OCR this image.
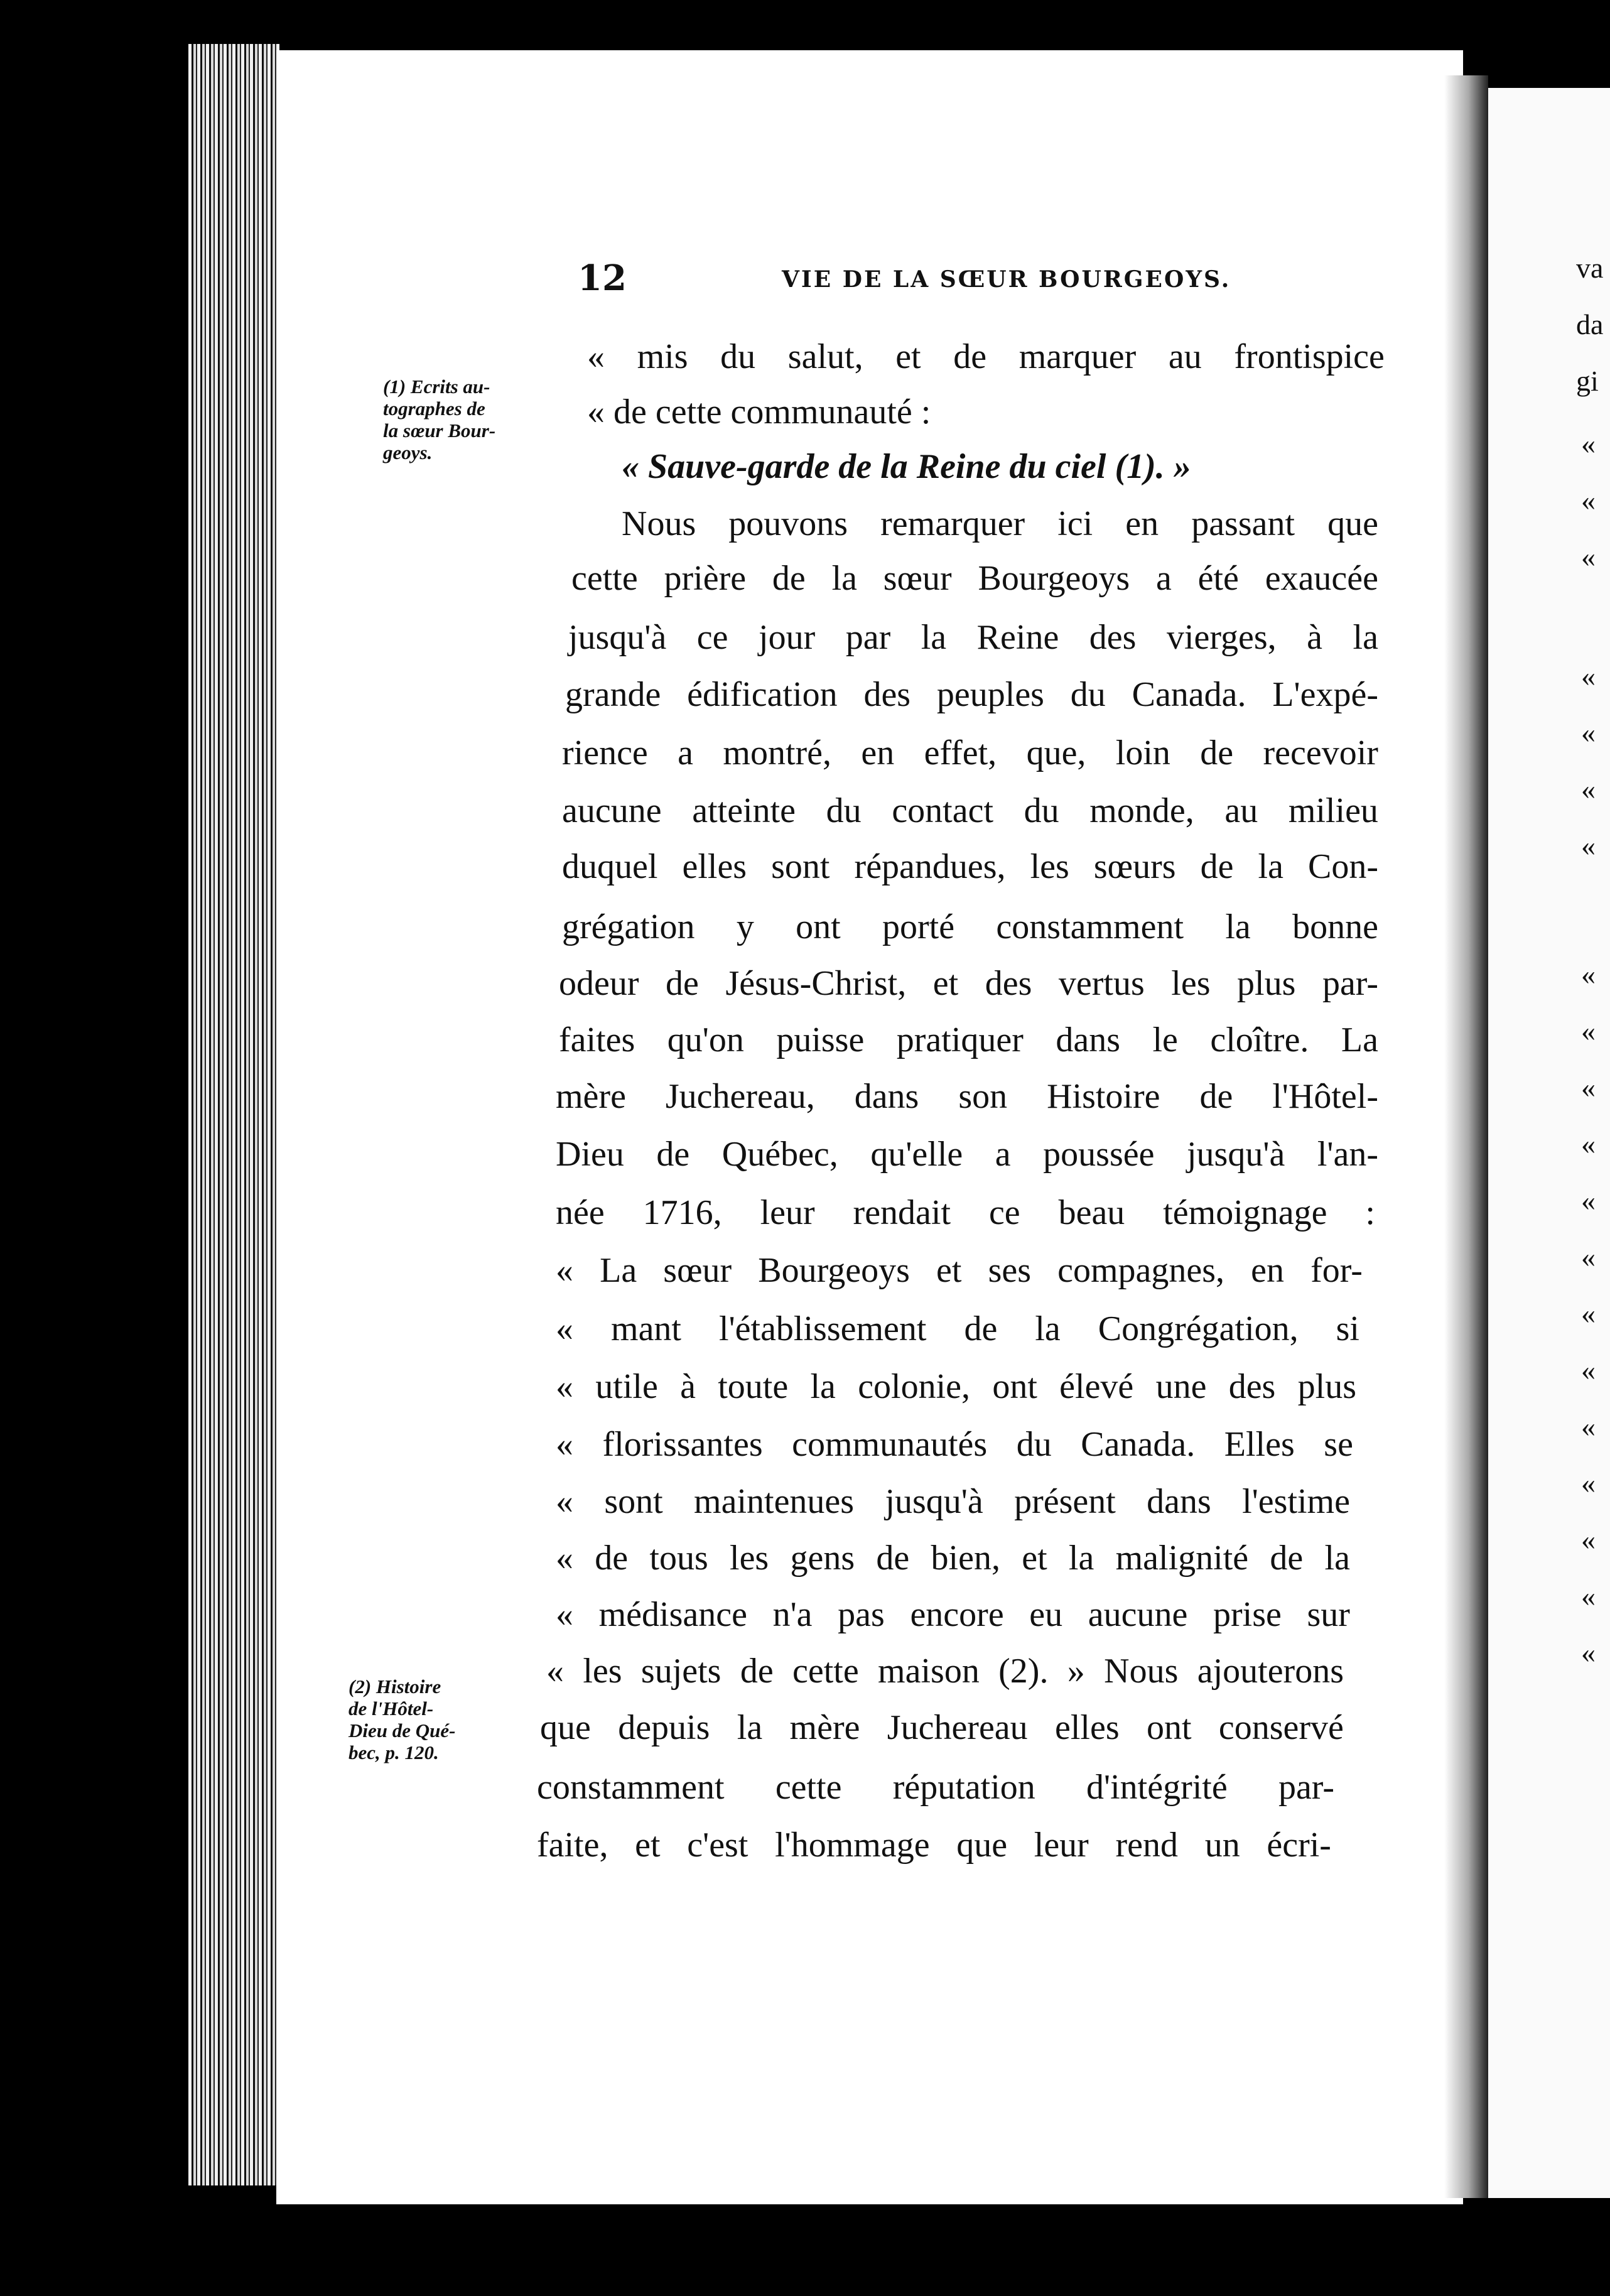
va
da
gi
«
«
«
«
«
«
«
«
«
«
«
«
«
«
«
«
«
«
«
«
12	VIE DE LA SŒUR BOURGEOYS.
(1) Ecrits au-
tographes de
la sœur Bour-
geoys.
(2) Histoire
de l'Hôtel-
Dieu de Qué-
bec, p. 120.
« mis du salut, et de marquer au frontispice
« de cette communauté :
« Sauve-garde de la Reine du ciel (1). »
Nous pouvons remarquer ici en passant que
cette prière de la sœur Bourgeoys a été exaucée
jusqu'à ce jour par la Reine des vierges, à la
grande édification des peuples du Canada. L'expé-
rience a montré, en effet, que, loin de recevoir
aucune atteinte du contact du monde, au milieu
duquel elles sont répandues, les sœurs de la Con-
grégation y ont porté constamment la bonne
odeur de Jésus-Christ, et des vertus les plus par-
faites qu'on puisse pratiquer dans le cloître. La
mère Juchereau, dans son Histoire de l'Hôtel-
Dieu de Québec, qu'elle a poussée jusqu'à l'an-
née 1716, leur rendait ce beau témoignage :
« La sœur Bourgeoys et ses compagnes, en for-
« mant l'établissement de la Congrégation, si
« utile à toute la colonie, ont élevé une des plus
« florissantes communautés du Canada. Elles se
« sont maintenues jusqu'à présent dans l'estime
« de tous les gens de bien, et la malignité de la
« médisance n'a pas encore eu aucune prise sur
« les sujets de cette maison (2). » Nous ajouterons
que depuis la mère Juchereau elles ont conservé
constamment cette réputation d'intégrité par-
faite, et c'est l'hommage que leur rend un écri-
